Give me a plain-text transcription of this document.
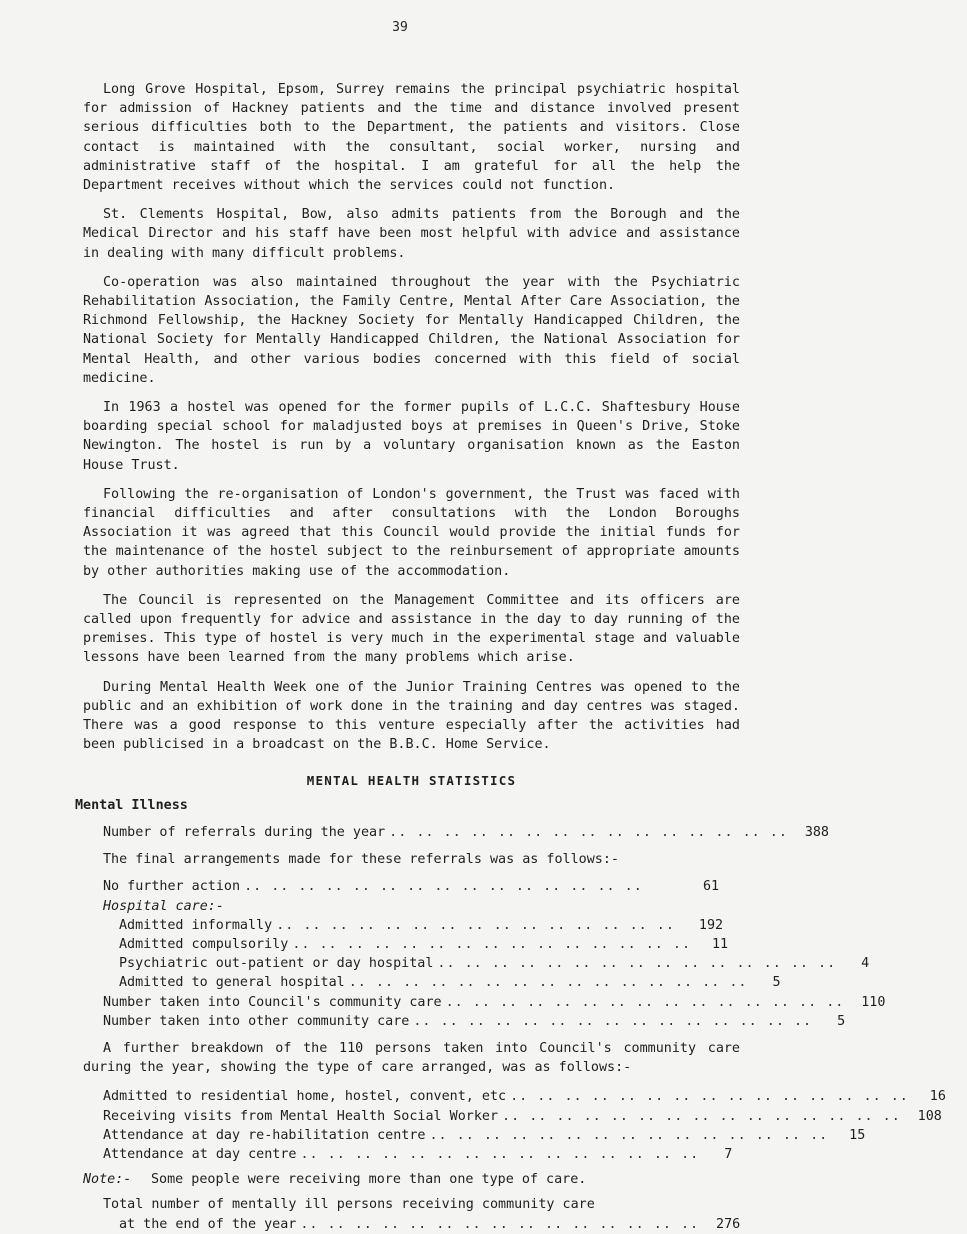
39

Long Grove Hospital, Epsom, Surrey remains the principal psychiatric hospital for admission of Hackney patients and the time and distance involved present serious difficulties both to the Department, the patients and visitors. Close contact is maintained with the consultant, social worker, nursing and administrative staff of the hospital. I am grateful for all the help the Department receives without which the services could not function.

St. Clements Hospital, Bow, also admits patients from the Borough and the Medical Director and his staff have been most helpful with advice and assistance in dealing with many difficult problems.

Co-operation was also maintained throughout the year with the Psychiatric Rehabilitation Association, the Family Centre, Mental After Care Association, the Richmond Fellowship, the Hackney Society for Mentally Handicapped Children, the National Society for Mentally Handicapped Children, the National Association for Mental Health, and other various bodies concerned with this field of social medicine.

In 1963 a hostel was opened for the former pupils of L.C.C. Shaftesbury House boarding special school for maladjusted boys at premises in Queen's Drive, Stoke Newington. The hostel is run by a voluntary organisation known as the Easton House Trust.

Following the re-organisation of London's government, the Trust was faced with financial difficulties and after consultations with the London Boroughs Association it was agreed that this Council would provide the initial funds for the maintenance of the hostel subject to the reinbursement of appropriate amounts by other authorities making use of the accommodation.

The Council is represented on the Management Committee and its officers are called upon frequently for advice and assistance in the day to day running of the premises. This type of hostel is very much in the experimental stage and valuable lessons have been learned from the many problems which arise.

During Mental Health Week one of the Junior Training Centres was opened to the public and an exhibition of work done in the training and day centres was staged. There was a good response to this venture especially after the activities had been publicised in a broadcast on the B.B.C. Home Service.

MENTAL HEALTH STATISTICS
Mental Illness
Number of referrals during the year .. .. .. .. .. .. .. .. .. .. .. .. .. .. ..	388
The final arrangements made for these referrals was as follows:-
No further action .. .. .. .. .. .. .. .. .. .. .. .. .. .. ..	61
Hospital care:-
Admitted informally .. .. .. .. .. .. .. .. .. .. .. .. .. .. ..	192
Admitted compulsorily .. .. .. .. .. .. .. .. .. .. .. .. .. .. ..	11
Psychiatric out-patient or day hospital .. .. .. .. .. .. .. .. .. .. .. .. .. .. ..	4
Admitted to general hospital .. .. .. .. .. .. .. .. .. .. .. .. .. .. ..	5
Number taken into Council's community care .. .. .. .. .. .. .. .. .. .. .. .. .. .. ..	110
Number taken into other community care .. .. .. .. .. .. .. .. .. .. .. .. .. .. ..	5

A further breakdown of the 110 persons taken into Council's community care during the year, showing the type of care arranged, was as follows:-

Admitted to residential home, hostel, convent, etc .. .. .. .. .. .. .. .. .. .. .. .. .. .. ..	16
Receiving visits from Mental Health Social Worker .. .. .. .. .. .. .. .. .. .. .. .. .. .. ..	108
Attendance at day re-habilitation centre .. .. .. .. .. .. .. .. .. .. .. .. .. .. ..	15
Attendance at day centre .. .. .. .. .. .. .. .. .. .. .. .. .. .. ..	7
Note:-	Some people were receiving more than one type of care.
Total number of mentally ill persons receiving community care
at the end of the year .. .. .. .. .. .. .. .. .. .. .. .. .. .. ..	276
